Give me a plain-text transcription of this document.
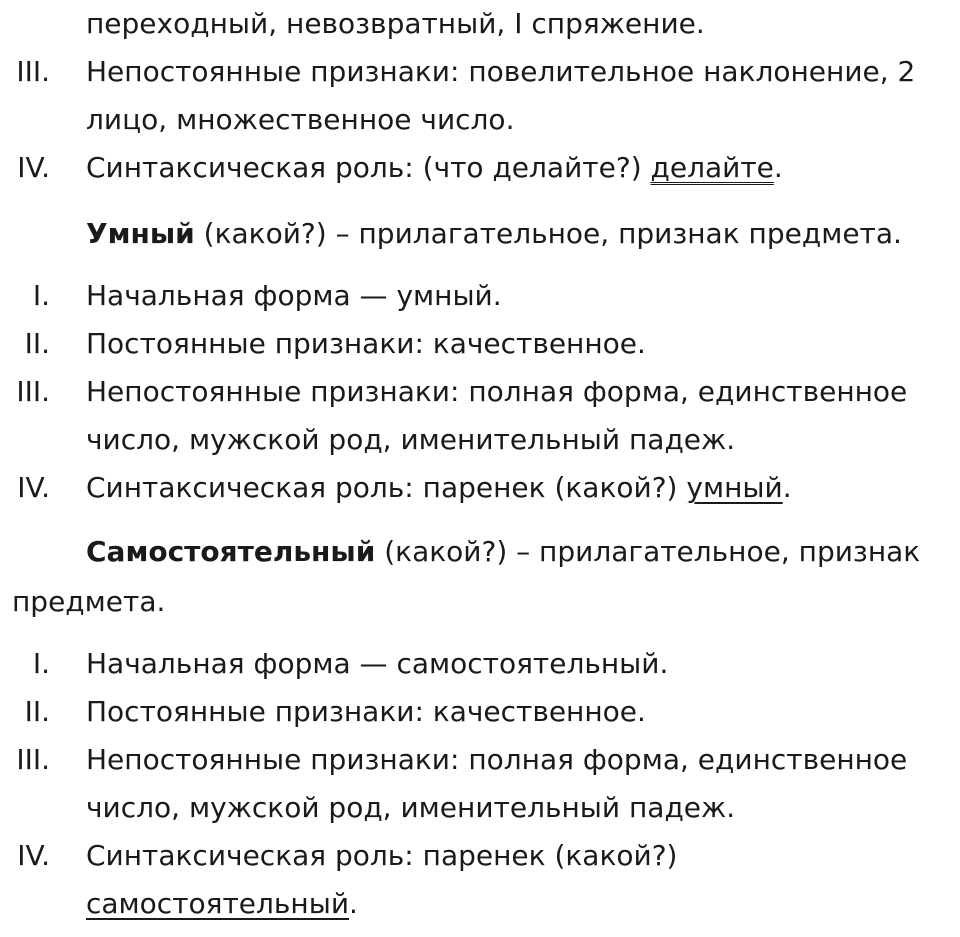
переходный, невозвратный, I спряжение.
III. Непостоянные признаки: повелительное наклонение, 2
лицо, множественное число.
IV. Синтаксическая роль: (что делайте?) делайте.
Умный (какой?) – прилагательное, признак предмета.
I. Начальная форма — умный.
II. Постоянные признаки: качественное.
III. Непостоянные признаки: полная форма, единственное
число, мужской род, именительный падеж.
IV. Синтаксическая роль: паренек (какой?) умный.
Самостоятельный (какой?) – прилагательное, признак
предмета.
I. Начальная форма — самостоятельный.
II. Постоянные признаки: качественное.
III. Непостоянные признаки: полная форма, единственное
число, мужской род, именительный падеж.
IV. Синтаксическая роль: паренек (какой?)
самостоятельный.
